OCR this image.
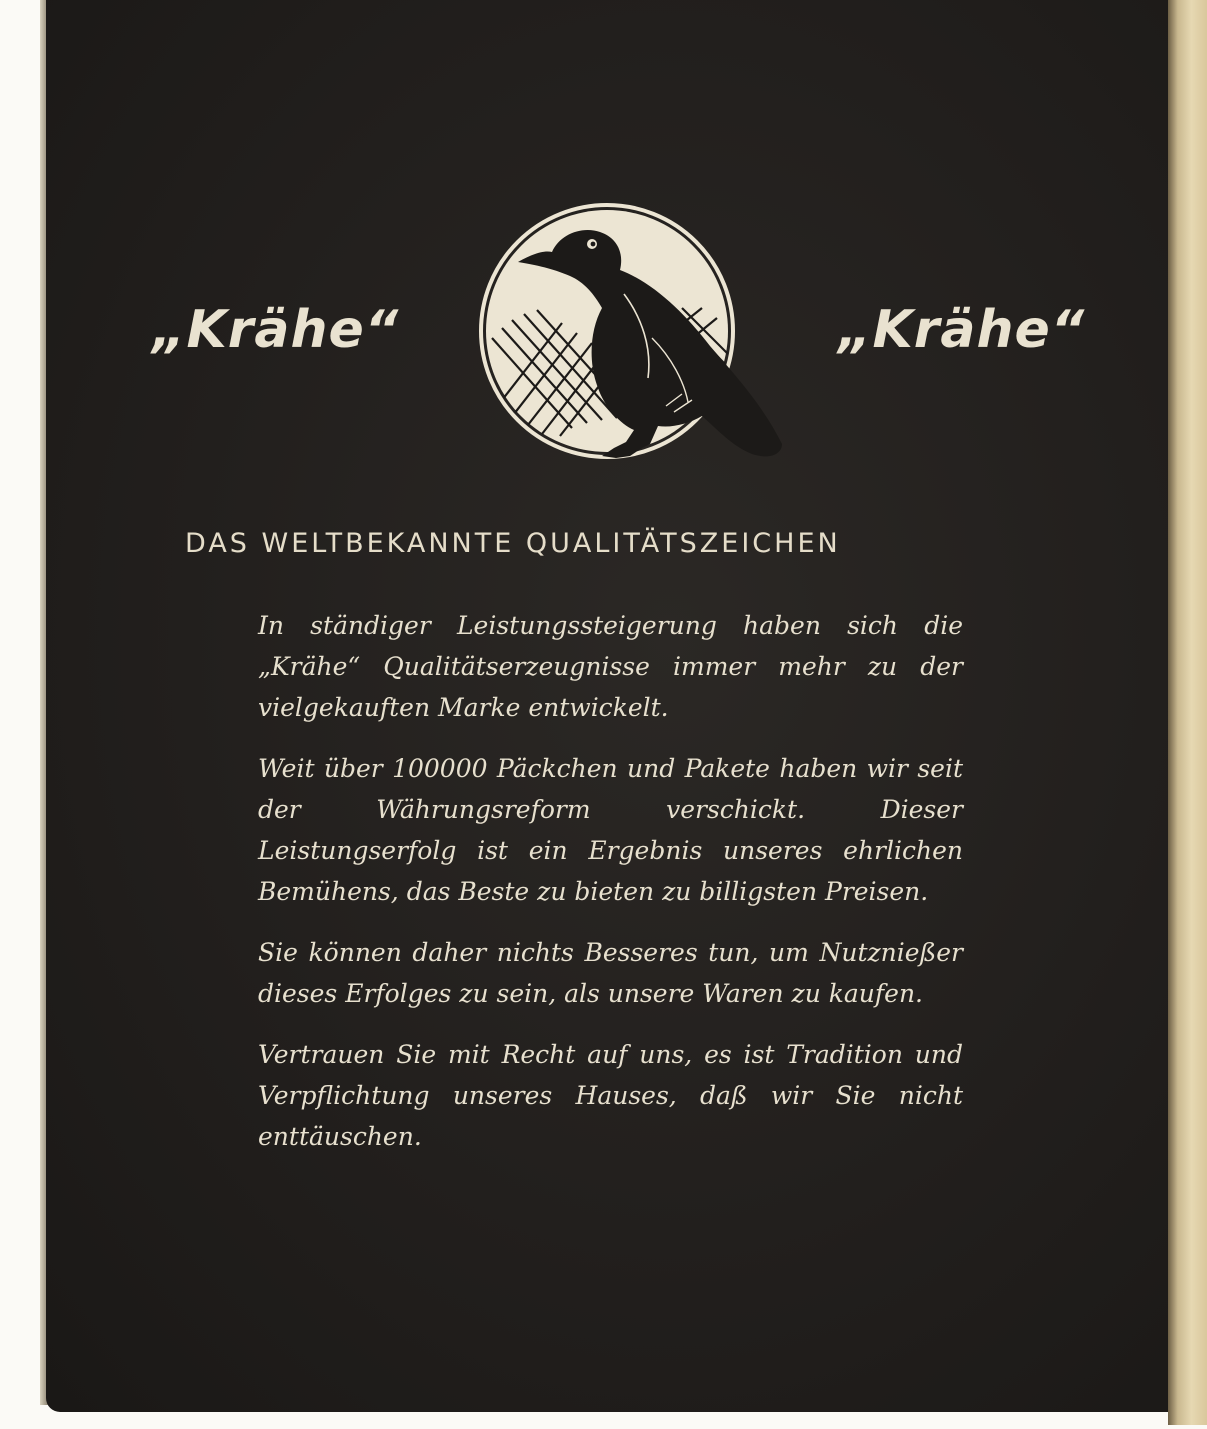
„Krähe“	„Krähe“
DAS WELTBEKANNTE QUALITÄTSZEICHEN

In ständiger Leistungssteigerung haben sich die „Krähe“ Qualitätserzeugnisse immer mehr zu der vielgekauften Marke entwickelt.

Weit über 100000 Päckchen und Pakete haben wir seit der Währungsreform verschickt. Dieser Leistungserfolg ist ein Ergebnis unseres ehrlichen Bemühens, das Beste zu bieten zu billigsten Preisen.

Sie können daher nichts Besseres tun, um Nutznießer dieses Erfolges zu sein, als unsere Waren zu kaufen.

Vertrauen Sie mit Recht auf uns, es ist Tradition und Verpflichtung unseres Hauses, daß wir Sie nicht enttäuschen.
